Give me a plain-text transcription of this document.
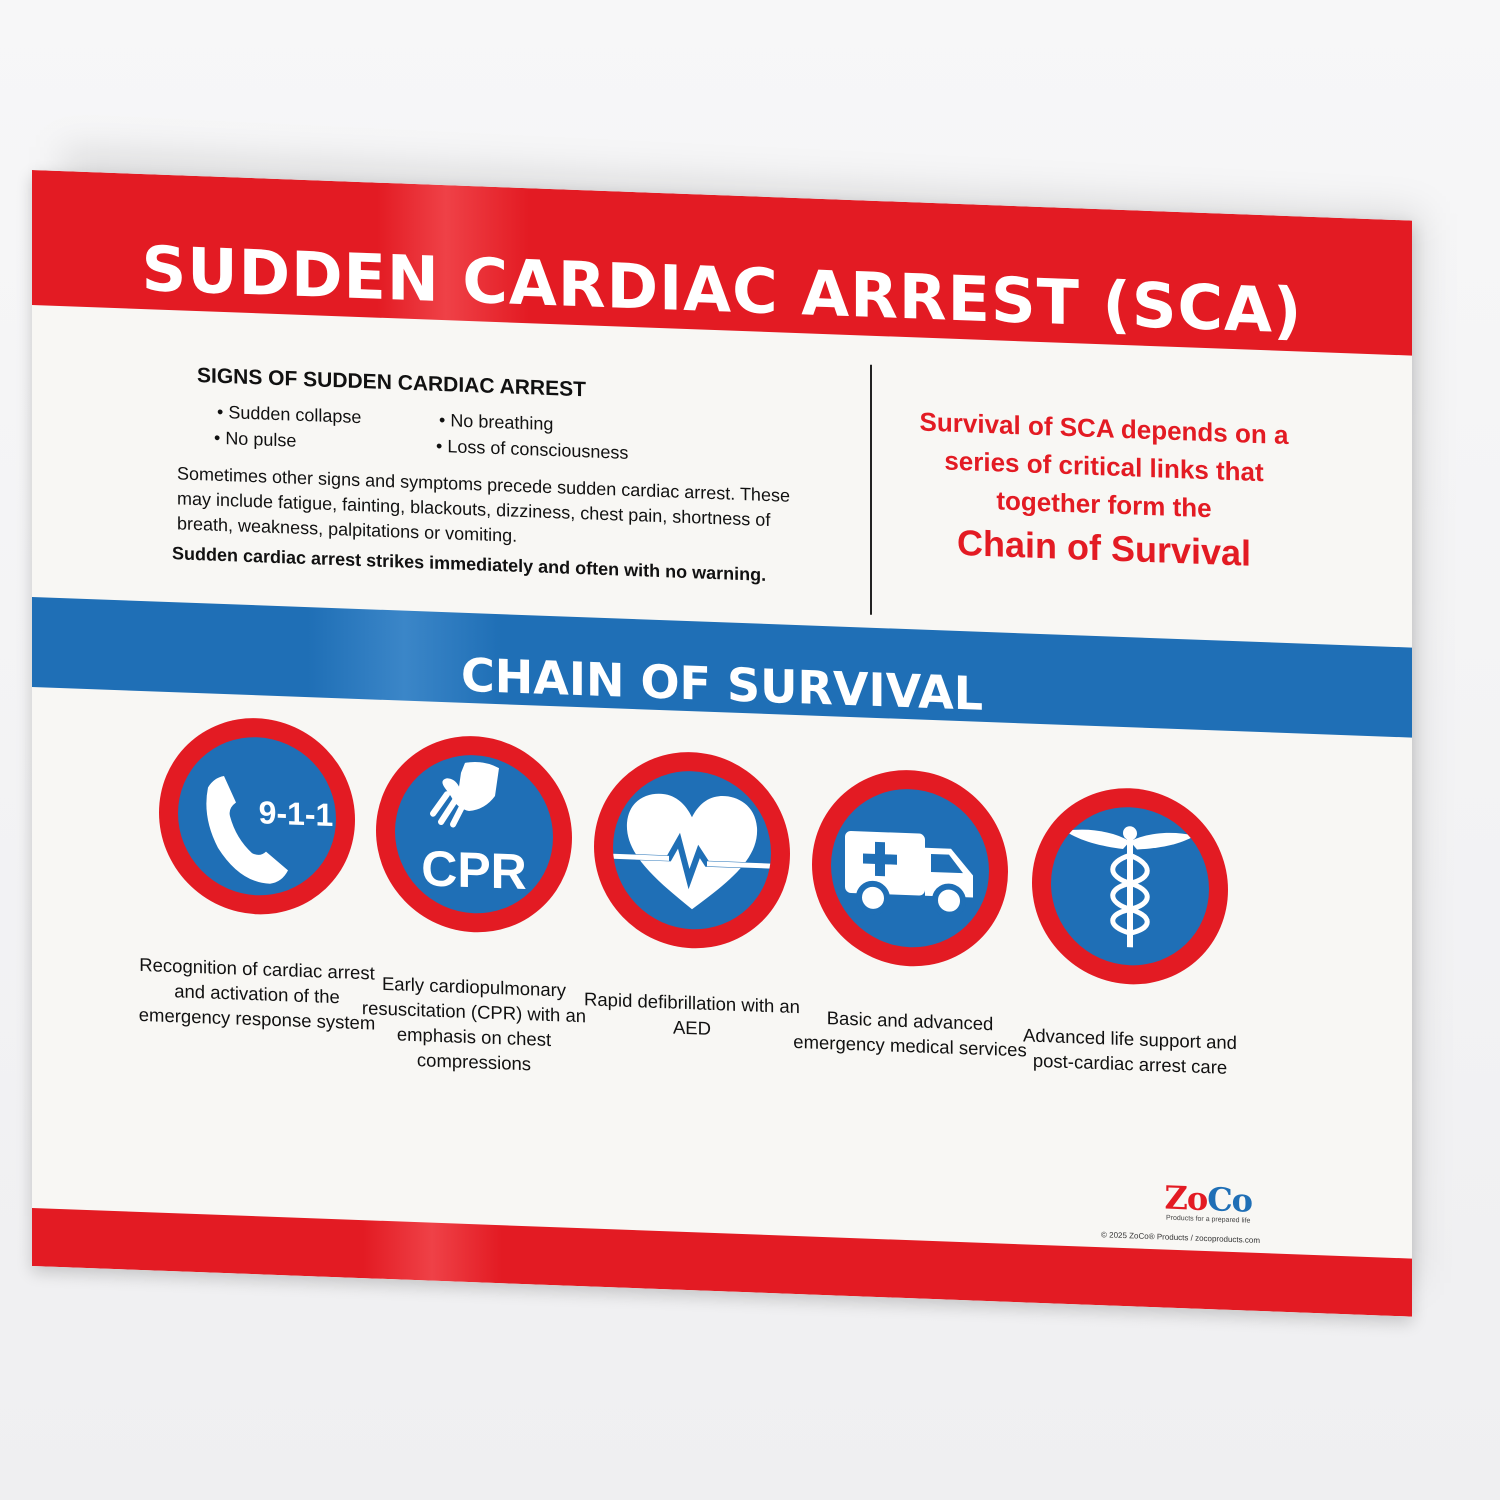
SUDDEN CARDIAC ARREST (SCA)
SIGNS OF SUDDEN CARDIAC ARREST
• Sudden collapse	• No breathing
• No pulse	• Loss of consciousness
Sometimes other signs and symptoms precede sudden cardiac arrest. These may include fatigue, fainting, blackouts, dizziness, chest pain, shortness of breath, weakness, palpitations or vomiting.
Sudden cardiac arrest strikes immediately and often with no warning.
Survival of SCA depends on a
series of critical links that
together form the
Chain of Survival
CHAIN OF SURVIVAL
9-1-1
Recognition of cardiac arrest and activation of the emergency response system
CPR
Early cardiopulmonary resuscitation (CPR) with an emphasis on chest compressions
Rapid defibrillation with an AED	Basic and advanced emergency medical services
Advanced life support and post-cardiac arrest care
ZoCo
Products for a prepared life
© 2025 ZoCo® Products / zocoproducts.com
